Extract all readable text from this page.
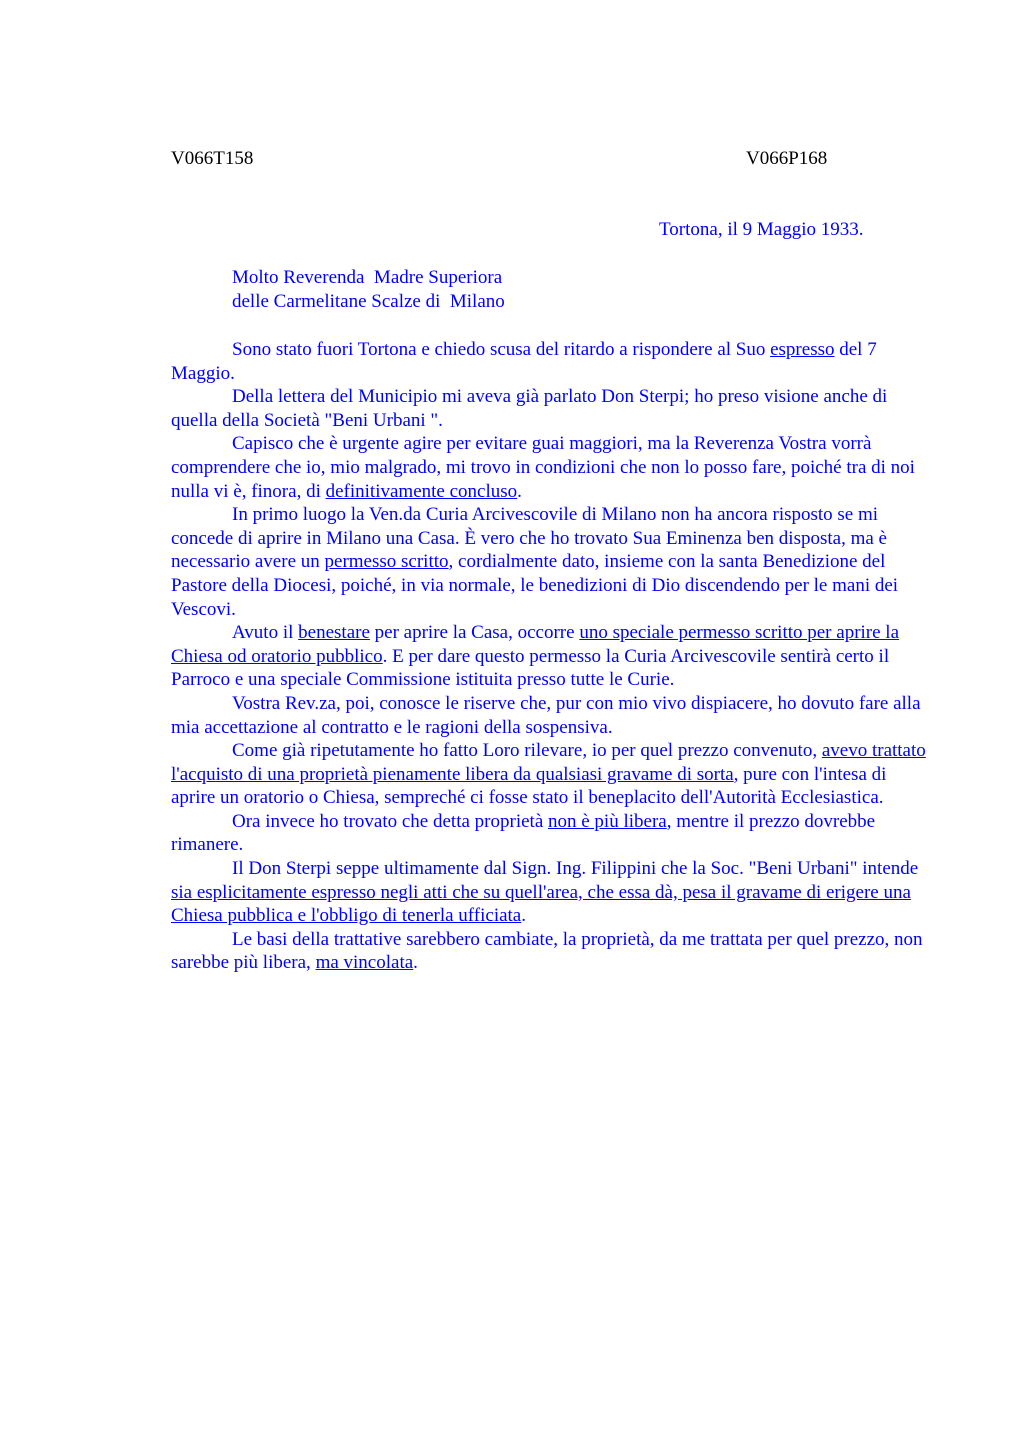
V066T158	V066P168
Tortona, il 9 Maggio 1933.
Molto Reverenda  Madre Superiora
delle Carmelitane Scalze di  Milano

Sono stato fuori Tortona e chiedo scusa del ritardo a rispondere al Suo espresso del 7 Maggio.

Della lettera del Municipio mi aveva già parlato Don Sterpi; ho preso visione anche di quella della Società "Beni Urbani ".

Capisco che è urgente agire per evitare guai maggiori, ma la Reverenza Vostra vorrà comprendere che io, mio malgrado, mi trovo in condizioni che non lo posso fare, poiché tra di noi nulla vi è, finora, di definitivamente concluso.

In primo luogo la Ven.da Curia Arcivescovile di Milano non ha ancora risposto se mi concede di aprire in Milano una Casa. È vero che ho trovato Sua Eminenza ben disposta, ma è necessario avere un permesso scritto, cordialmente dato, insieme con la santa Benedizione del Pastore della Diocesi, poiché, in via normale, le benedizioni di Dio discendendo per le mani dei Vescovi.

Avuto il benestare per aprire la Casa, occorre uno speciale permesso scritto per aprire la Chiesa od oratorio pubblico. E per dare questo permesso la Curia Arcivescovile sentirà certo il Parroco e una speciale Commissione istituita presso tutte le Curie.

Vostra Rev.za, poi, conosce le riserve che, pur con mio vivo dispiacere, ho dovuto fare alla mia accettazione al contratto e le ragioni della sospensiva.

Come già ripetutamente ho fatto Loro rilevare, io per quel prezzo convenuto, avevo trattato l'acquisto di una proprietà pienamente libera da qualsiasi gravame di sorta, pure con l'intesa di aprire un oratorio o Chiesa, sempreché ci fosse stato il beneplacito dell'Autorità Ecclesiastica.

Ora invece ho trovato che detta proprietà non è più libera, mentre il prezzo dovrebbe rimanere.

Il Don Sterpi seppe ultimamente dal Sign. Ing. Filippini che la Soc. "Beni Urbani" intende sia esplicitamente espresso negli atti che su quell'area, che essa dà, pesa il gravame di erigere una Chiesa pubblica e l'obbligo di tenerla ufficiata.

Le basi della trattative sarebbero cambiate, la proprietà, da me trattata per quel prezzo, non sarebbe più libera, ma vincolata.
